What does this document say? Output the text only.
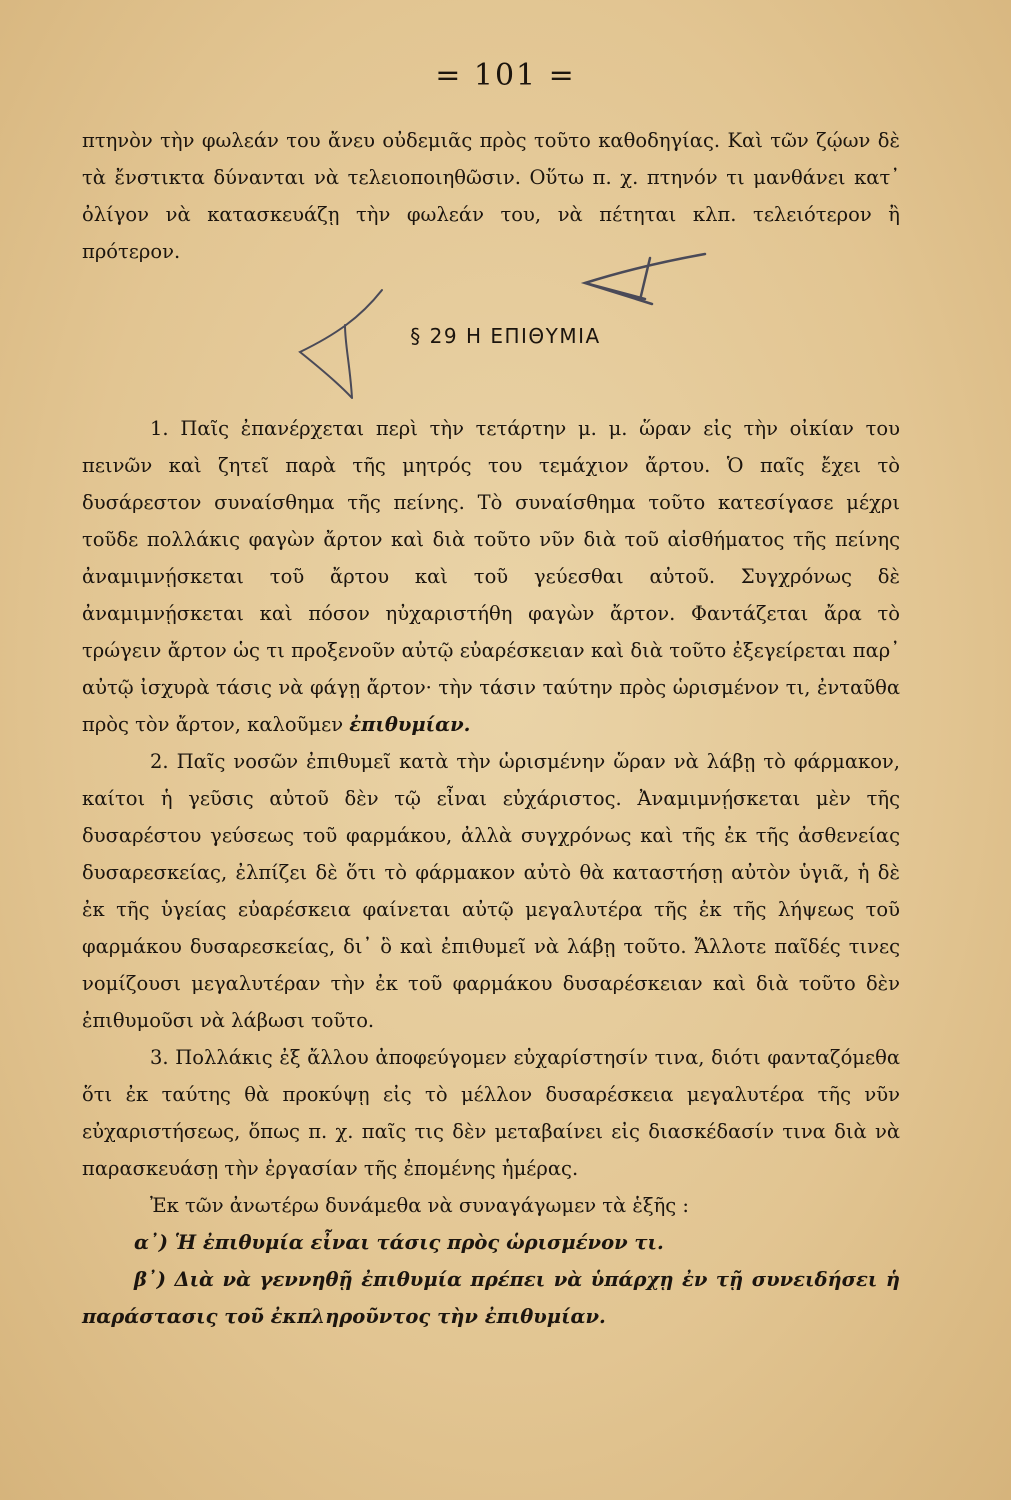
= 101 =

πτηνὸν τὴν φωλεάν του ἄνευ οὐδεμιᾶς πρὸς τοῦτο καθοδηγίας. Καὶ τῶν ζῴων δὲ τὰ ἔνστικτα δύνανται νὰ τελειοποιηθῶσιν. Οὕτω π. χ. πτηνόν τι μανθάνει κατ᾿ ὀλίγον νὰ κατασκευάζῃ τὴν φωλεάν του, νὰ πέτηται κλπ. τελειότερον ἢ πρότερον.

§ 29 Η ΕΠΙΘΥΜΙΑ

1. Παῖς ἐπανέρχεται περὶ τὴν τετάρτην μ. μ. ὥραν εἰς τὴν οἰκίαν του πεινῶν καὶ ζητεῖ παρὰ τῆς μητρός του τεμάχιον ἄρτου. Ὁ παῖς ἔχει τὸ δυσάρεστον συναίσθημα τῆς πείνης. Τὸ συναίσθημα τοῦτο κατεσίγασε μέχρι τοῦδε πολλάκις φαγὼν ἄρτον καὶ διὰ τοῦτο νῦν διὰ τοῦ αἰσθήματος τῆς πείνης ἀναμιμνῄσκεται τοῦ ἄρτου καὶ τοῦ γεύεσθαι αὐτοῦ. Συγχρόνως δὲ ἀναμιμνῄσκεται καὶ πόσον ηὐχαριστήθη φαγὼν ἄρτον. Φαντάζεται ἄρα τὸ τρώγειν ἄρτον ὡς τι προξενοῦν αὐτῷ εὐαρέσκειαν καὶ διὰ τοῦτο ἐξεγείρεται παρ᾿ αὐτῷ ἰσχυρὰ τάσις νὰ φάγῃ ἄρτον· τὴν τάσιν ταύτην πρὸς ὡρισμένον τι, ἐνταῦθα πρὸς τὸν ἄρτον, καλοῦμεν ἐπιθυμίαν.

2. Παῖς νοσῶν ἐπιθυμεῖ κατὰ τὴν ὡρισμένην ὥραν νὰ λάβῃ τὸ φάρμακον, καίτοι ἡ γεῦσις αὐτοῦ δὲν τῷ εἶναι εὐχάριστος. Ἀναμιμνῄσκεται μὲν τῆς δυσαρέστου γεύσεως τοῦ φαρμάκου, ἀλλὰ συγχρόνως καὶ τῆς ἐκ τῆς ἀσθενείας δυσαρεσκείας, ἐλπίζει δὲ ὅτι τὸ φάρμακον αὐτὸ θὰ καταστήσῃ αὐτὸν ὑγιᾶ, ἡ δὲ ἐκ τῆς ὑγείας εὐαρέσκεια φαίνεται αὐτῷ μεγαλυτέρα τῆς ἐκ τῆς λήψεως τοῦ φαρμάκου δυσαρεσκείας, δι᾿ ὃ καὶ ἐπιθυμεῖ νὰ λάβῃ τοῦτο. Ἄλλοτε παῖδές τινες νομίζουσι μεγαλυτέραν τὴν ἐκ τοῦ φαρμάκου δυσαρέσκειαν καὶ διὰ τοῦτο δὲν ἐπιθυμοῦσι νὰ λάβωσι τοῦτο.

3. Πολλάκις ἐξ ἄλλου ἀποφεύγομεν εὐχαρίστησίν τινα, διότι φανταζόμεθα ὅτι ἐκ ταύτης θὰ προκύψῃ εἰς τὸ μέλλον δυσαρέσκεια μεγαλυτέρα τῆς νῦν εὐχαριστήσεως, ὅπως π. χ. παῖς τις δὲν μεταβαίνει εἰς διασκέδασίν τινα διὰ νὰ παρασκευάσῃ τὴν ἐργασίαν τῆς ἐπομένης ἡμέρας.

Ἐκ τῶν ἀνωτέρω δυνάμεθα νὰ συναγάγωμεν τὰ ἑξῆς :

α᾿) Ἡ ἐπιθυμία εἶναι τάσις πρὸς ὡρισμένον τι.

β᾿) Διὰ νὰ γεννηθῇ ἐπιθυμία πρέπει νὰ ὑπάρχῃ ἐν τῇ συνειδήσει ἡ παράστασις τοῦ ἐκπληροῦντος τὴν ἐπιθυμίαν.
